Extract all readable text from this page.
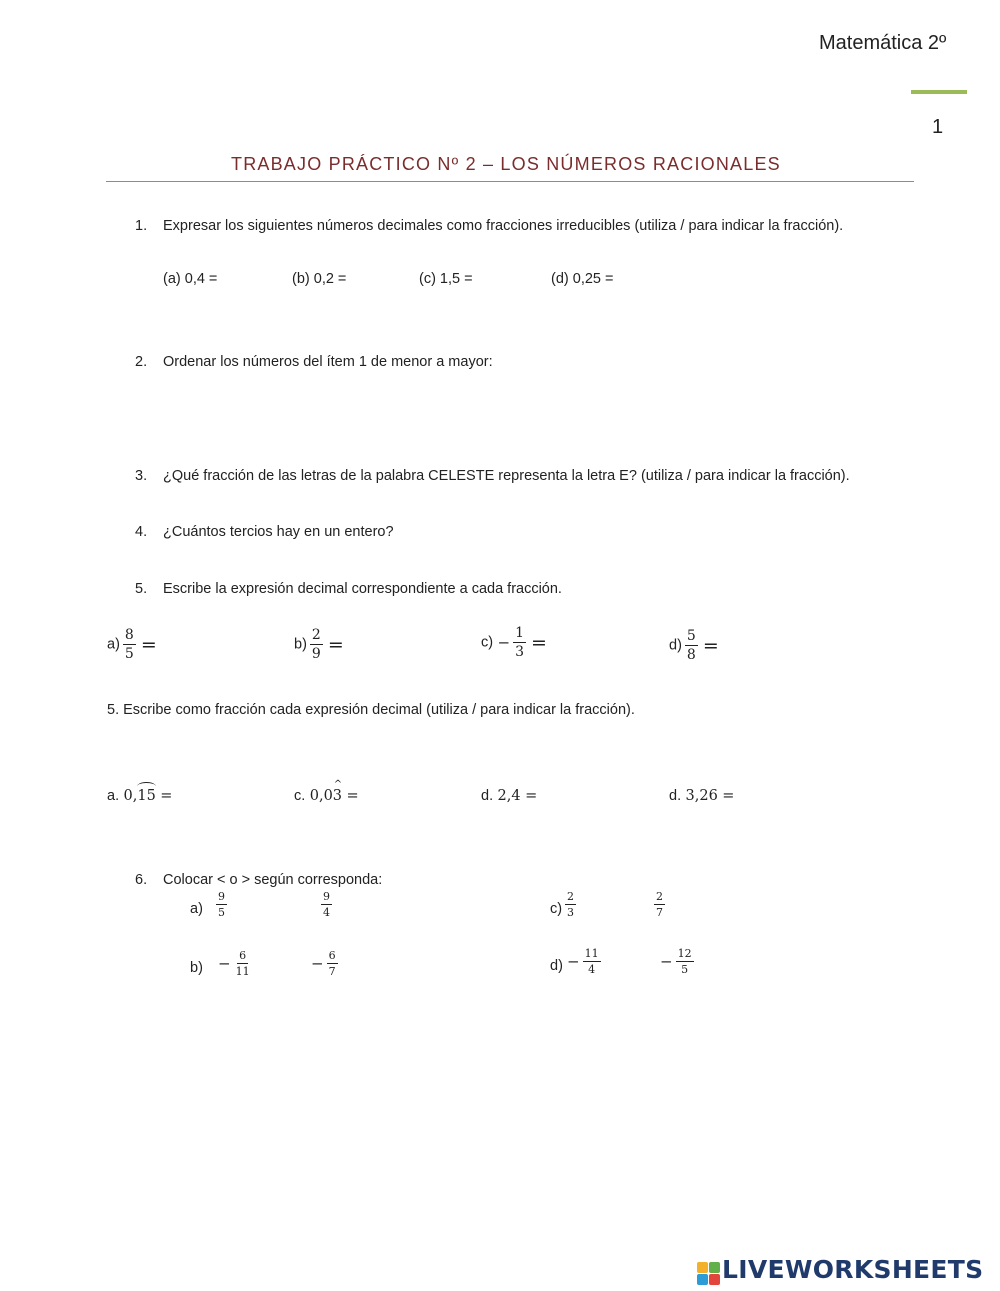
Matemática 2º
1
TRABAJO PRÁCTICO Nº 2 – LOS NÚMEROS RACIONALES
1. Expresar los siguientes números decimales como fracciones irreducibles (utiliza / para indicar la fracción).
(a) 0,4 =	(b) 0,2 =	(c) 1,5 =	(d) 0,25 =
2. Ordenar los números del ítem 1 de menor a mayor:
3. ¿Qué fracción de las letras de la palabra CELESTE representa la letra E? (utiliza / para indicar la fracción).
4. ¿Cuántos tercios hay en un entero?
5. Escribe la expresión decimal correspondiente a cada fracción.
$a) \frac{8}{5}$ =	$b) \frac{2}{9}$ =	$c) - \frac{1}{3}$ =	$d) \frac{5}{8}$ =
5. Escribe como fracción cada expresión decimal (utiliza / para indicar la fracción).
a. 0,15 =	c. 0,0^ 3 =	d. 2,4 =	d. 3,26 =
6. Colocar < o > según corresponda:
$a) \frac{9}{5}$	$\frac{9}{4}$	$c) \frac{2}{3}$	$\frac{2}{7}$
$b) - \frac{6}{11}$	− $\frac{6}{7}$	$d) - \frac{11}{4}$	− $\frac{12}{5}$
LIVEWORKSHEETS
